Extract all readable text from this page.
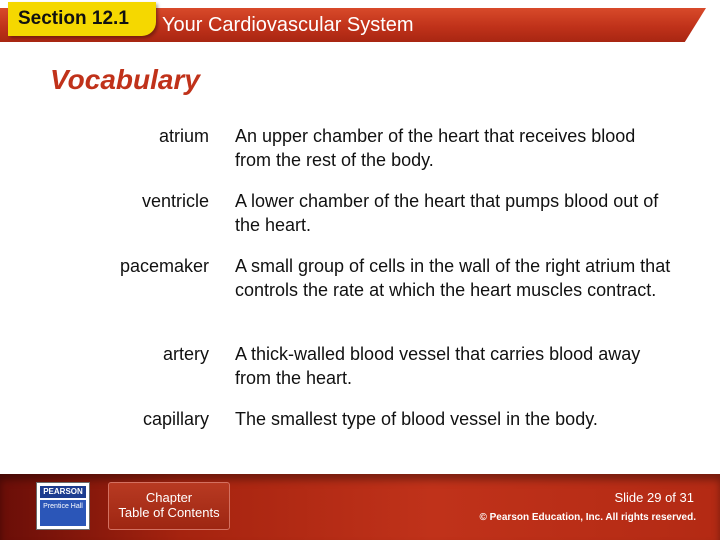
Section 12.1 Your Cardiovascular System
Vocabulary
atrium An upper chamber of the heart that receives blood from the rest of the body.
ventricle A lower chamber of the heart that pumps blood out of the heart.
pacemaker A small group of cells in the wall of the right atrium that controls the rate at which the heart muscles contract.
artery A thick-walled blood vessel that carries blood away from the heart.
capillary The smallest type of blood vessel in the body.
PEARSON
Prentice Hall
Chapter
Table of Contents
Slide 29 of 31
© Pearson Education, Inc. All rights reserved.
